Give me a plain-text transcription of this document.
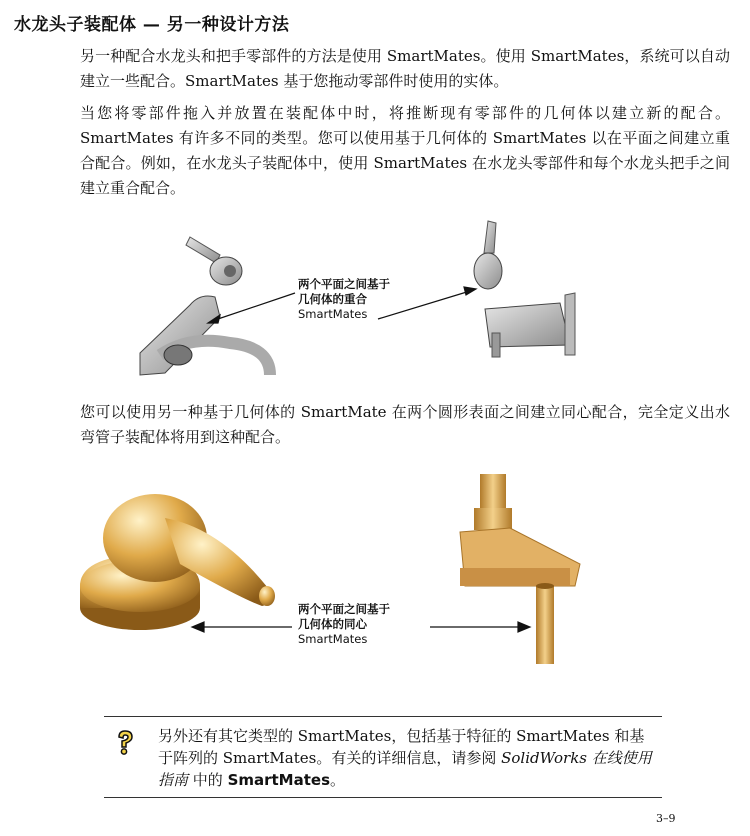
水龙头子装配体 — 另一种设计方法
另一种配合水龙头和把手零部件的方法是使用 SmartMates。使用 SmartMates，系统可以自动建立一些配合。SmartMates 基于您拖动零部件时使用的实体。
当您将零部件拖入并放置在装配体中时，将推断现有零部件的几何体以建立新的配合。SmartMates 有许多不同的类型。您可以使用基于几何体的 SmartMates 以在平面之间建立重合配合。例如，在水龙头子装配体中，使用 SmartMates 在水龙头零部件和每个水龙头把手之间建立重合配合。
两个平面之间基于
几何体的重合
SmartMates
您可以使用另一种基于几何体的 SmartMate 在两个圆形表面之间建立同心配合，完全定义出水弯管子装配体将用到这种配合。
两个平面之间基于
几何体的同心
SmartMates
另外还有其它类型的 SmartMates，包括基于特征的 SmartMates 和基于阵列的 SmartMates。有关的详细信息，请参阅 SolidWorks 在线使用指南 中的 SmartMates。
3–9
